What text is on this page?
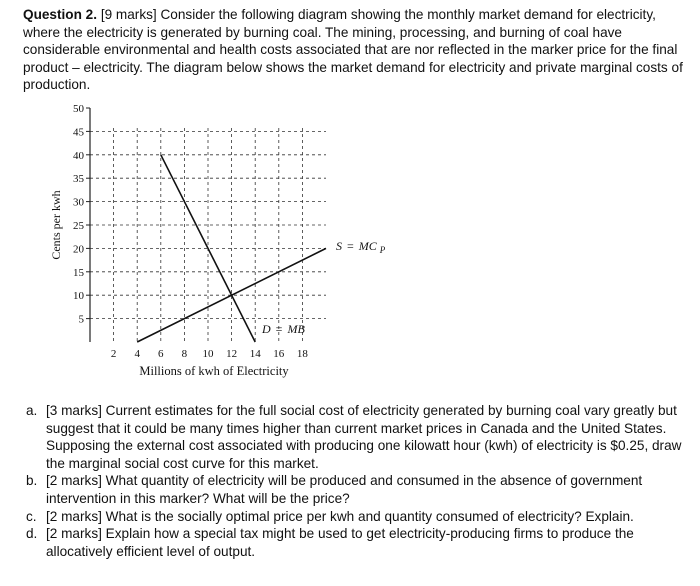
Question 2. [9 marks] Consider the following diagram showing the monthly market demand for electricity, where the electricity is generated by burning coal. The mining, processing, and burning of coal have considerable environmental and health costs associated that are nor reflected in the marker price for the final product – electricity. The diagram below shows the market demand for electricity and private marginal costs of production.
5
10
15
20
25
30
35
40
45
50
2 4 6 8 10 12 14 16 18
Cents per kwh
Millions of kwh of Electricity
D = MB
S = MC $_P$
a. [3 marks] Current estimates for the full social cost of electricity generated by burning coal vary greatly but suggest that it could be many times higher than current market prices in Canada and the United States. Supposing the external cost associated with producing one kilowatt hour (kwh) of electricity is $0.25, draw the marginal social cost curve for this market.
b. [2 marks] What quantity of electricity will be produced and consumed in the absence of government intervention in this marker? What will be the price?
c. [2 marks] What is the socially optimal price per kwh and quantity consumed of electricity? Explain.
d. [2 marks] Explain how a special tax might be used to get electricity-producing firms to produce the allocatively efficient level of output.
